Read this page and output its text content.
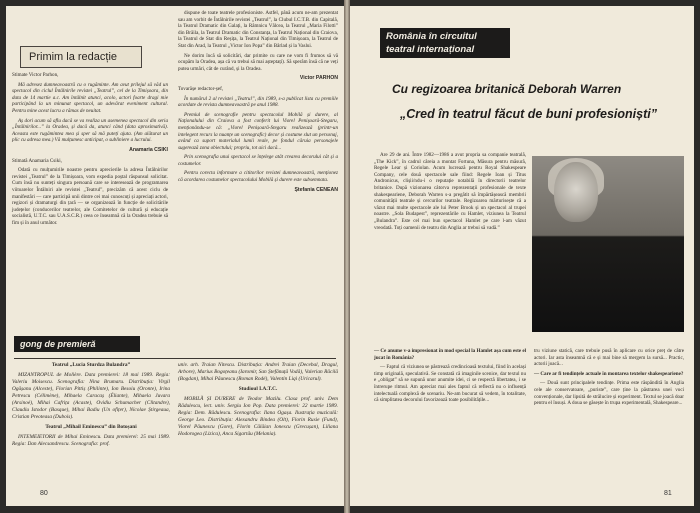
Primim la redacție

Stimate Victor Parhon,

Mă adresez dumneavoastră cu o rugăminte. Am avut prilejul să văd un spectacol din ciclul Întâlnirile revistei „Teatrul”, cel de la Timișoara, din data de 14 martie a.c. Am întâlnit atunci, acolo, actori foarte dragi mie participând la un minunat spectacol, un adevărat eveniment cultural. Pentru mine acest lucru a rămas de neuitat.

Aș dori acum să aflu dacă se va realiza un asemenea spectacol din seria „Întâlnirilor...” la Oradea, și dacă da, atunci când (data aproximativă). Aceasta este rugămintea mea și sper să mă puteți ajuta. (Am alăturat un plic cu adresa mea.) Vă mulțumesc anticipat, o subliniere a lucrului.

Anamaria CSIKI

Stimată Anamaria Csiki,

Odată cu mulțumirile noastre pentru aprecierile la adresa Întâlnirilor revistei „Teatrul” de la Timișoara, vom expedia poștal răspunsul solicitat. Cum însă nu sunteți singura persoană care se interesează de programarea viitoarelor Întâlniri ale revistei „Teatrul”, precizăm că acest ciclu de manifestări — care participă unii dintre cei mai cunoscuți și apreciați actori, regizori și dramaturgi din țară — se organizează în funcție de solicitările județelor (conducerilor teatrelor, ale Comitetelor de cultură și educație socialistă, U.T.C. sau U.A.S.C.R.) ceea ce înseamnă că la Oradea trebuie să fim și în anul următor.

dispune de toate teatrele profesioniste. Astfel, până acum ne-am prezentat sau am vorbit de Întâlnirile revistei „Teatrul”, la Clubul I.C.T.B. din Capitală, la Teatrul Dramatic din Galați, la Râmnicu Vâlcea, la Teatrul „Maria Filotti” din Brăila, la Teatrul Dramatic din Constanța, la Teatrul Național din Craiova, la Teatrul de Stat din Reșița, la Teatrul Național din Timișoara, la Teatrul de Stat din Arad, la Teatrul „Victor Ion Popa” din Bârlad și la Vaslui.

Ne dorim încă să solicitări, dar primite cu care ne vom fi frumos să vă ocupăm la Oradea, așa că va trebui să mai așteptați). Să sperăm însă că ne veți putea urmări, cât de curând, și la Oradea.

Victor PARHON

Tovarășe redactor-șef,

În numărul 2 al revistei „Teatrul”, din 1989, s-a publicat lista cu premiile acordate de revista dumneavoastră pe anul 1988.

Premiul de scenografie pentru spectacolul Mobilă și durere, al Naționalului din Craiova a fost conferit lui Viorel Penișoară-Stegaru, menționându-se că: „Viorel Penișoară-Stegaru realizează (printr-un intelegent recurs la nuanțe un scenografic) decor și costume slut un personaj, având ca suport materialul lumii reale, pe fondul căruia personajele sugerează zona obiectului; propriu, tot aici dacă...

Prin scenografia unui spectacol se înțelege atât crearea decorului cât și a costumelor.

Pentru corecta informare a cititorilor revistei dumneavoastră, menționez că acordarea costumelor spectacolului Mobilă și durere este subsemnata.

Ștefania CENEAN
gong de premieră

Teatrul „Lucia Sturdza Bulandra”

MIZANTROPUL de Molière. Data premierei: 18 mai 1989. Regia: Valeriu Moisescu. Scenografia: Nina Brumaru. Distribuția: Virgil Ogășanu (Alceste), Florian Pittiș (Philinte), Ion Besoiu (Oronte), Irina Petrescu (Célimène), Mihaela Caracaș (Éliante), Mihaela Juvara (Arsinoé), Mihai Cafrița (Acaste), Ovidiu Schumacher (Clitandre), Claudiu Istodor (Basque), Mihai Badiu (Un ofițer), Nicolae Știrgeaua, Cristian Preoteasa (Dubois).

Teatrul „Mihail Eminescu” din Botoșani

INTEMEIETORII de Mihai Eminescu. Data premierei: 25 mai 1989. Regia: Dan Alecsandrescu. Scenografia: prof.

univ. arh. Traian Nitescu. Distribuția: Andrei Traian (Decebal, Dragul, Arbore), Marius Bogoțeanu (Iaromir, San Ștefănuță Vodă), Valerian Răcilă (Bogdan), Mihai Păunescu (Roman Rodé), Valentin Liqi (Uricarul).

Studioul I.A.T.C.

MOBILĂ ȘI DURERE de Teodor Mazilu. Clasa prof. univ. Dem Rădulescu, lect. univ. Sergiu Ion Pop. Data premierei: 22 martie 1989. Regia: Dem. Rădulescu. Scenografia: Ilana Ogașa. Ilustrația muzicală: George Leo. Distribuția: Alexandru Bindea (Olt), Florin Rusie (Fund), Viorel Păunescu (Gore), Florin Călăian Ionescu (Grecușan), Liliana Hodorogea (Lizica), Anca Sigartău (Melania).

80
România în circuitul
teatral internațional
Cu regizoarea britanică Deborah Warren
„Cred în teatrul făcut de buni profesioniști”

Are 29 de ani. Între 1982—1986 a avut propria sa companie teatrală, „The Kick”, în cadrul căreia a montat Fortuna, Măsura pentru măsură, Regele Lear și Coriolan. Acum lucrează pentru Royal Shakespeare Company, cele două spectacole sale fiind: Regele Ioan și Titus Andronicus, clișii/ndu-i o reputație notabilă în directorii teatrelor britanice. După vizionarea câtorva reprezentații profesionale de texte shakespeariene, Deborah Warren s-a pregătit să împărtășească membrii comunității teatrale și cercurilor teatrale. Regizoarea mărturisește că a văzut mai multe spectacole ale lui Peter Brook și un spectacol al trupei noastre. „Sola Budapest”, reprezentările cu Hamlet, viziunea la Teatrul „Bulandra”. Este cel mai bun spectacol Hamlet pe care l-am văzut vreodată. Toți oamenii de teatru din Anglia ar trebui să vadă.”

— Ce anume v-a impresionat în mod special la Hamlet așa cum este el jucat în România?

— Faptul că viziunea se păstrează credincioasă textului, fiind în același timp originală, speculativă. Se constată că imaginile scenice, dar textul nu e „obligat” să se supună unor anumite idei, ci se respectă libertatea, i se întrerupe ritmul. Am apreciat mai ales faptul că reflectă nu o influență intelectuală complexă de scenariu. Ne-am bucurat să vedem, în totalitate, că simplitatea decorului favorizează toate posibilitățile...

tru viziune statică, care trebuie pusă în aplicare cu orice preț de către actori. Iar asta înseamnă că e și mai bine să mergem la sursă... Practic, actorii joacă...

— Care ar fi tendințele actuale în montarea textelor shakespeariene?

— Două sunt principalele tendințe. Prima este răspândită în Anglia cele ale conservatoare, „puriste”, care ține la păstrarea unei voci convenționale, dar lipsită de strălucire și experiment. Textul se joacă doar pentru el însuși. A doua se găsește în trupa experimentală, Shakespeare...

81
